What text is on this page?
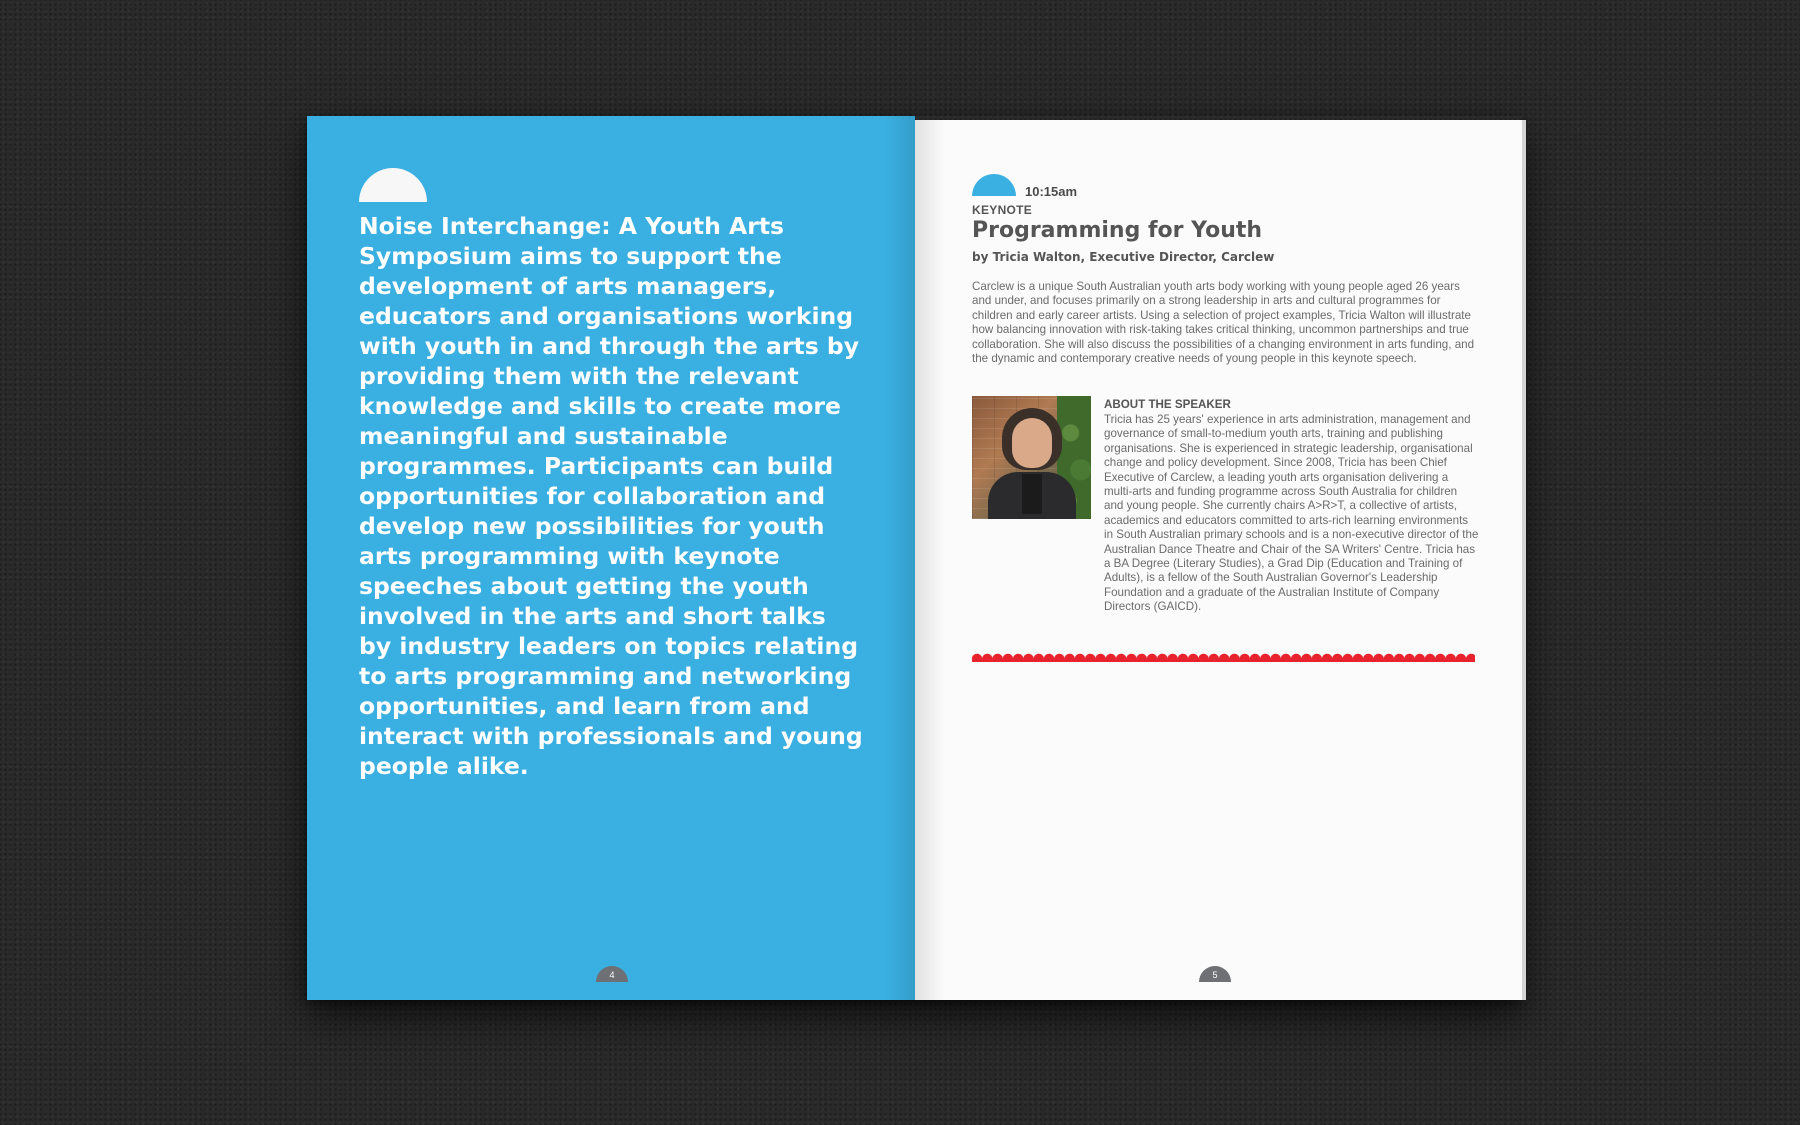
Noise Interchange: A Youth Arts Symposium aims to support the development of arts managers, educators and organisations working with youth in and through the arts by providing them with the relevant knowledge and skills to create more meaningful and sustainable programmes. Participants can build opportunities for collaboration and develop new possibilities for youth arts programming with keynote speeches about getting the youth involved in the arts and short talks by industry leaders on topics relating to arts programming and networking opportunities, and learn from and interact with professionals and young people alike.

4
10:15am
KEYNOTE
Programming for Youth
by Tricia Walton, Executive Director, Carclew

Carclew is a unique South Australian youth arts body working with young people aged 26 years and under, and focuses primarily on a strong leadership in arts and cultural programmes for children and early career artists. Using a selection of project examples, Tricia Walton will illustrate how balancing innovation with risk-taking takes critical thinking, uncommon partnerships and true collaboration. She will also discuss the possibilities of a changing environment in arts funding, and the dynamic and contemporary creative needs of young people in this keynote speech.

ABOUT THE SPEAKER

Tricia has 25 years' experience in arts administration, management and governance of small-to-medium youth arts, training and publishing organisations. She is experienced in strategic leadership, organisational change and policy development. Since 2008, Tricia has been Chief Executive of Carclew, a leading youth arts organisation delivering a multi-arts and funding programme across South Australia for children and young people. She currently chairs A>R>T, a collective of artists, academics and educators committed to arts-rich learning environments in South Australian primary schools and is a non-executive director of the Australian Dance Theatre and Chair of the SA Writers' Centre. Tricia has a BA Degree (Literary Studies), a Grad Dip (Education and Training of Adults), is a fellow of the South Australian Governor's Leadership Foundation and a graduate of the Australian Institute of Company Directors (GAICD).

5
